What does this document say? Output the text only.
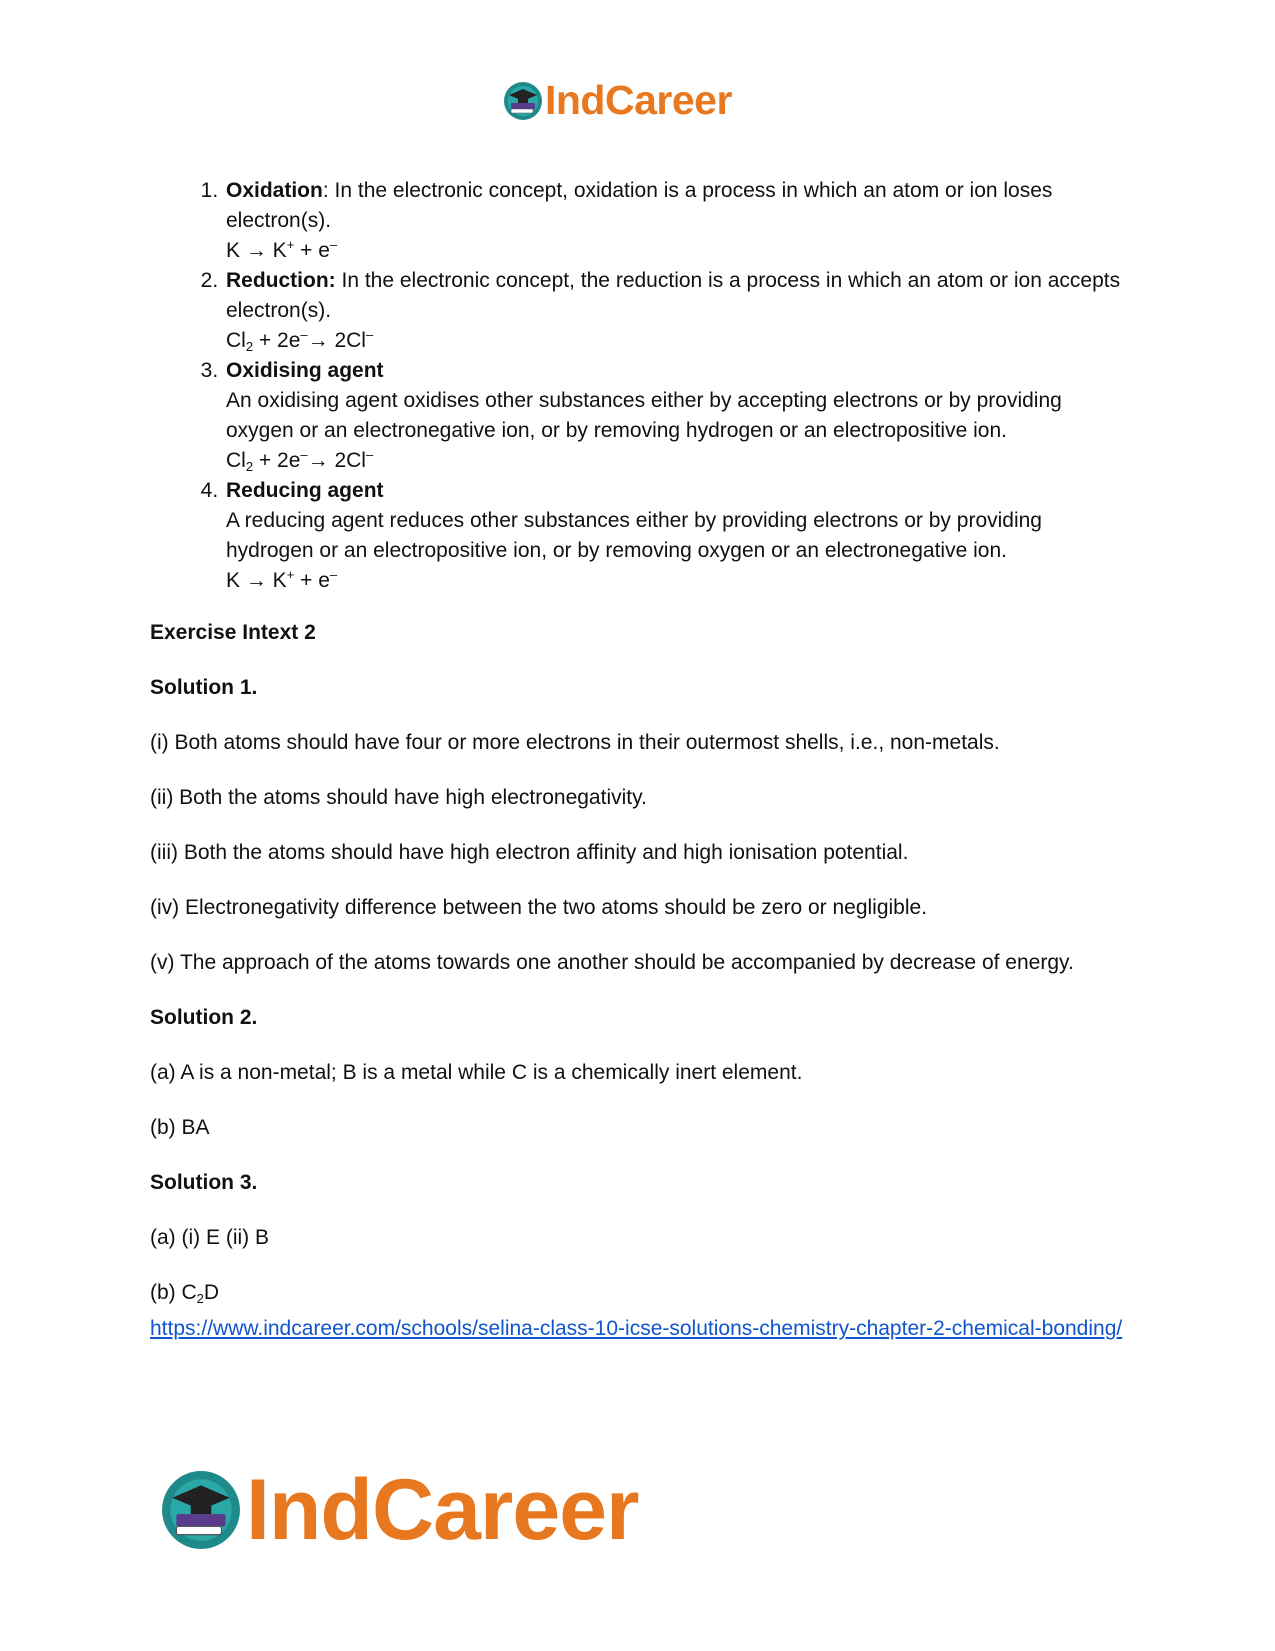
IndCareer
1. Oxidation: In the electronic concept, oxidation is a process in which an atom or ion loses electron(s).
K → K+ + e–
2. Reduction: In the electronic concept, the reduction is a process in which an atom or ion accepts electron(s).
$Cl_2 + 2e^-\to 2Cl^-$
3. Oxidising agent
An oxidising agent oxidises other substances either by accepting electrons or by providing oxygen or an electronegative ion, or by removing hydrogen or an electropositive ion.
$Cl_2 + 2e^-\to 2Cl^-$
4. Reducing agent
A reducing agent reduces other substances either by providing electrons or by providing hydrogen or an electropositive ion, or by removing oxygen or an electronegative ion.
K → K+ + e–

Exercise Intext 2

Solution 1.

(i) Both atoms should have four or more electrons in their outermost shells, i.e., non-metals.

(ii) Both the atoms should have high electronegativity.

(iii) Both the atoms should have high electron affinity and high ionisation potential.

(iv) Electronegativity difference between the two atoms should be zero or negligible.

(v) The approach of the atoms towards one another should be accompanied by decrease of energy.

Solution 2.

(a) A is a non-metal; B is a metal while C is a chemically inert element.

(b) BA

Solution 3.

(a) (i) E (ii) B

(b) $C_2D$

https://www.indcareer.com/schools/selina-class-10-icse-solutions-chemistry-chapter-2-chemical-bonding/
IndCareer
